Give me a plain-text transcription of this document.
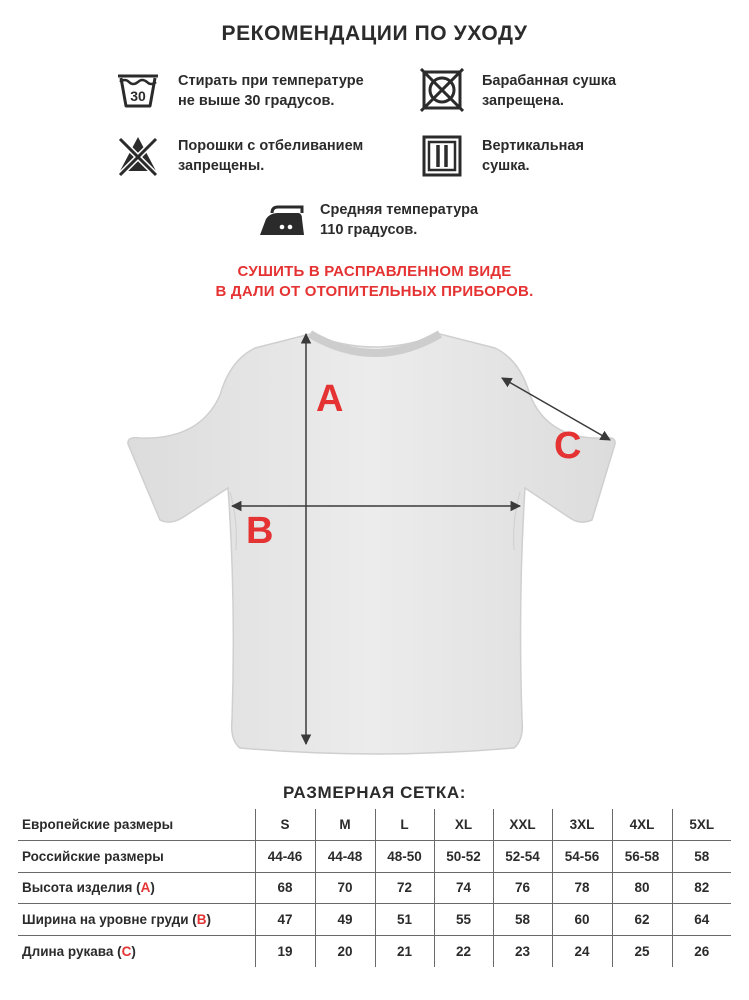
РЕКОМЕНДАЦИИ ПО УХОДУ
30
Стирать при температуре
не выше 30 градусов.
Барабанная сушка
запрещена.
Порошки с отбеливанием
запрещены.
Вертикальная
сушка.
Средняя температура
110 градусов.
СУШИТЬ В РАСПРАВЛЕННОМ ВИДЕ
В ДАЛИ ОТ ОТОПИТЕЛЬНЫХ ПРИБОРОВ.
A
B
C
РАЗМЕРНАЯ СЕТКА:
Европейские размеры	S	M	L	XL	XXL	3XL	4XL	5XL
Российские размеры	44-46	44-48	48-50	50-52	52-54	54-56	56-58	58
Высота изделия (A)	68	70	72	74	76	78	80	82
Ширина на уровне груди (B)	47	49	51	55	58	60	62	64
Длина рукава (C)	19	20	21	22	23	24	25	26
